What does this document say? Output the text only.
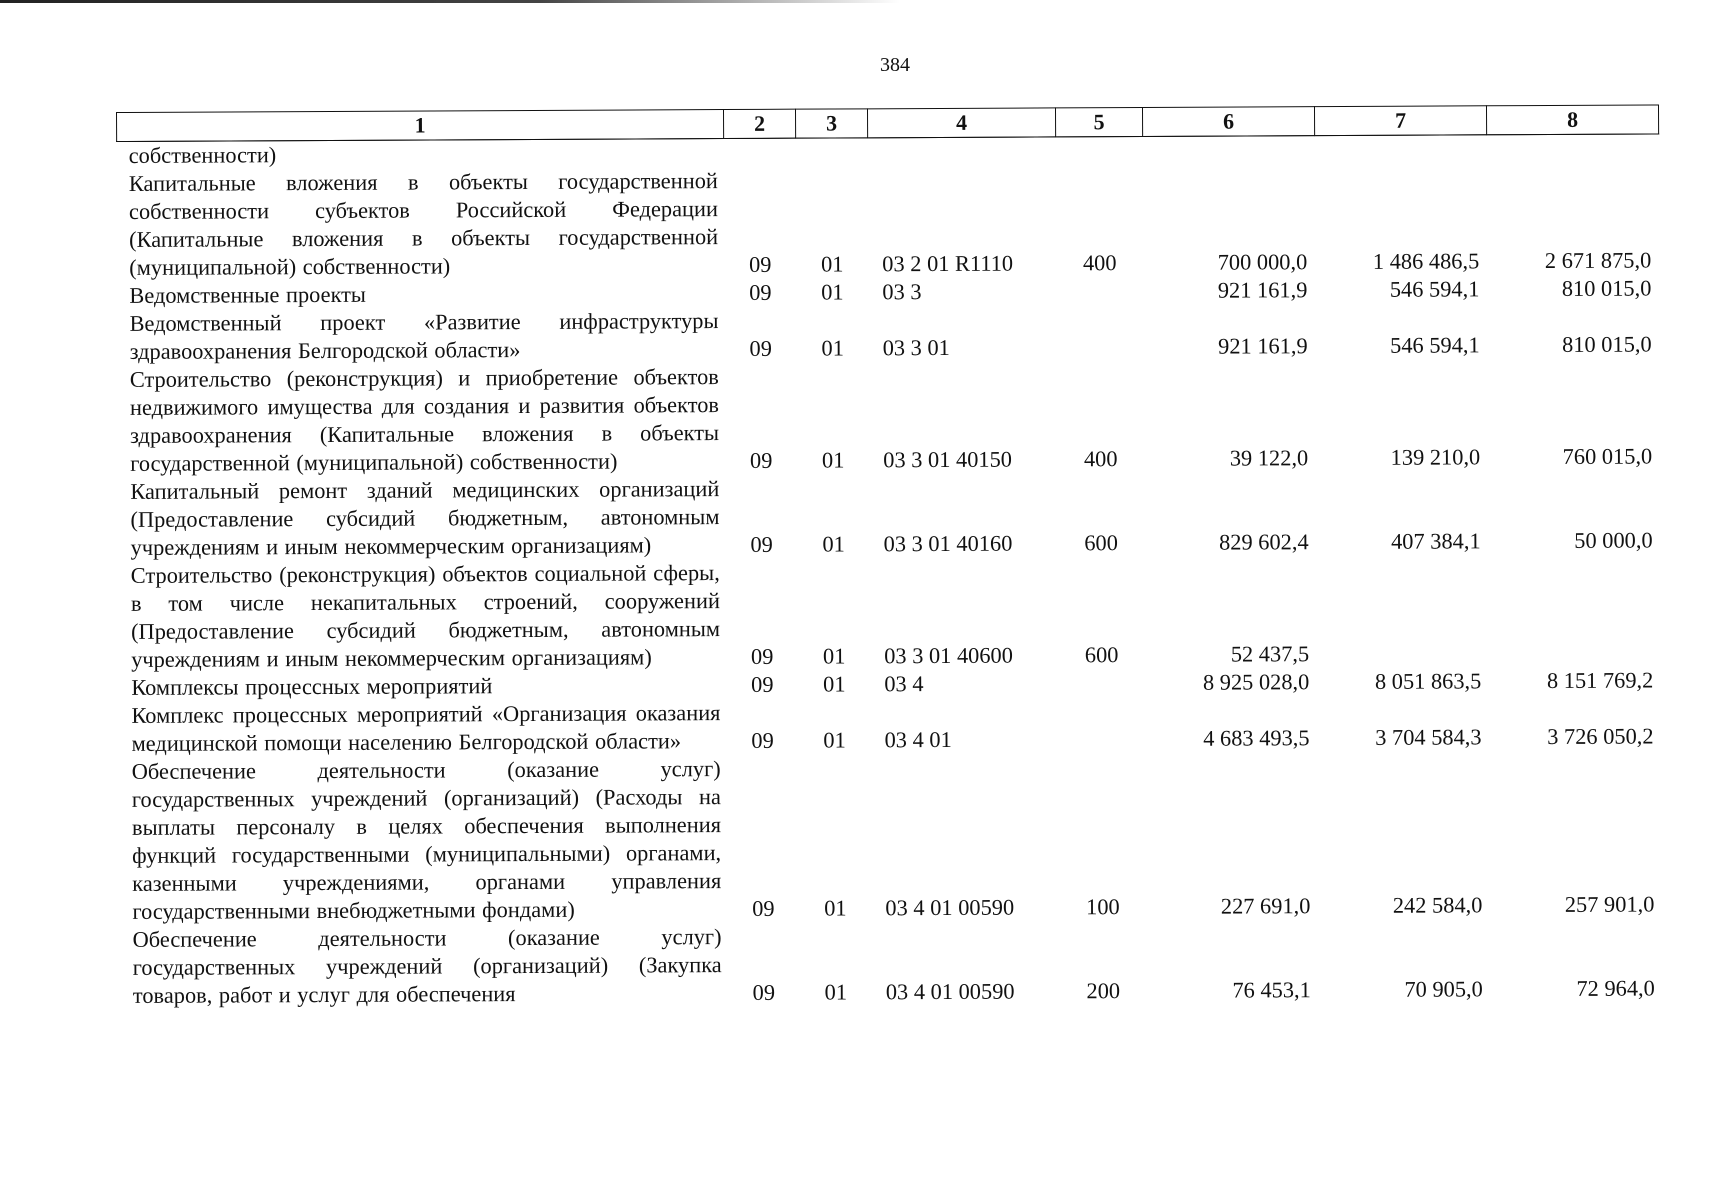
384
1	2	3	4	5	6	7	8
собственности)							
Капитальные вложения в объекты государственной собственности субъектов Российской Федерации (Капитальные вложения в объекты государственной (муниципальной) собственности)	09	01	03 2 01 R1110	400	700 000,0	1 486 486,5	2 671 875,0
Ведомственные проекты	09	01	03 3		921 161,9	546 594,1	810 015,0
Ведомственный проект «Развитие инфраструктуры здравоохранения Белгородской области»	09	01	03 3 01		921 161,9	546 594,1	810 015,0
Строительство (реконструкция) и приобретение объектов недвижимого имущества для создания и развития объектов здравоохранения (Капитальные вложения в объекты государственной (муниципальной) собственности)	09	01	03 3 01 40150	400	39 122,0	139 210,0	760 015,0
Капитальный ремонт зданий медицинских организаций (Предоставление субсидий бюджетным, автономным учреждениям и иным некоммерческим организациям)	09	01	03 3 01 40160	600	829 602,4	407 384,1	50 000,0
Строительство (реконструкция) объектов социальной сферы, в том числе некапитальных строений, сооружений (Предоставление субсидий бюджетным, автономным учреждениям и иным некоммерческим организациям)	09	01	03 3 01 40600	600	52 437,5		
Комплексы процессных мероприятий	09	01	03 4		8 925 028,0	8 051 863,5	8 151 769,2
Комплекс процессных мероприятий «Организация оказания медицинской помощи населению Белгородской области»	09	01	03 4 01		4 683 493,5	3 704 584,3	3 726 050,2
Обеспечение деятельности (оказание услуг) государственных учреждений (организаций) (Расходы на выплаты персоналу в целях обеспечения выполнения функций государственными (муниципальными) органами, казенными учреждениями, органами управления государственными внебюджетными фондами)	09	01	03 4 01 00590	100	227 691,0	242 584,0	257 901,0
Обеспечение деятельности (оказание услуг) государственных учреждений (организаций) (Закупка товаров, работ и услуг для обеспечения	09	01	03 4 01 00590	200	76 453,1	70 905,0	72 964,0
